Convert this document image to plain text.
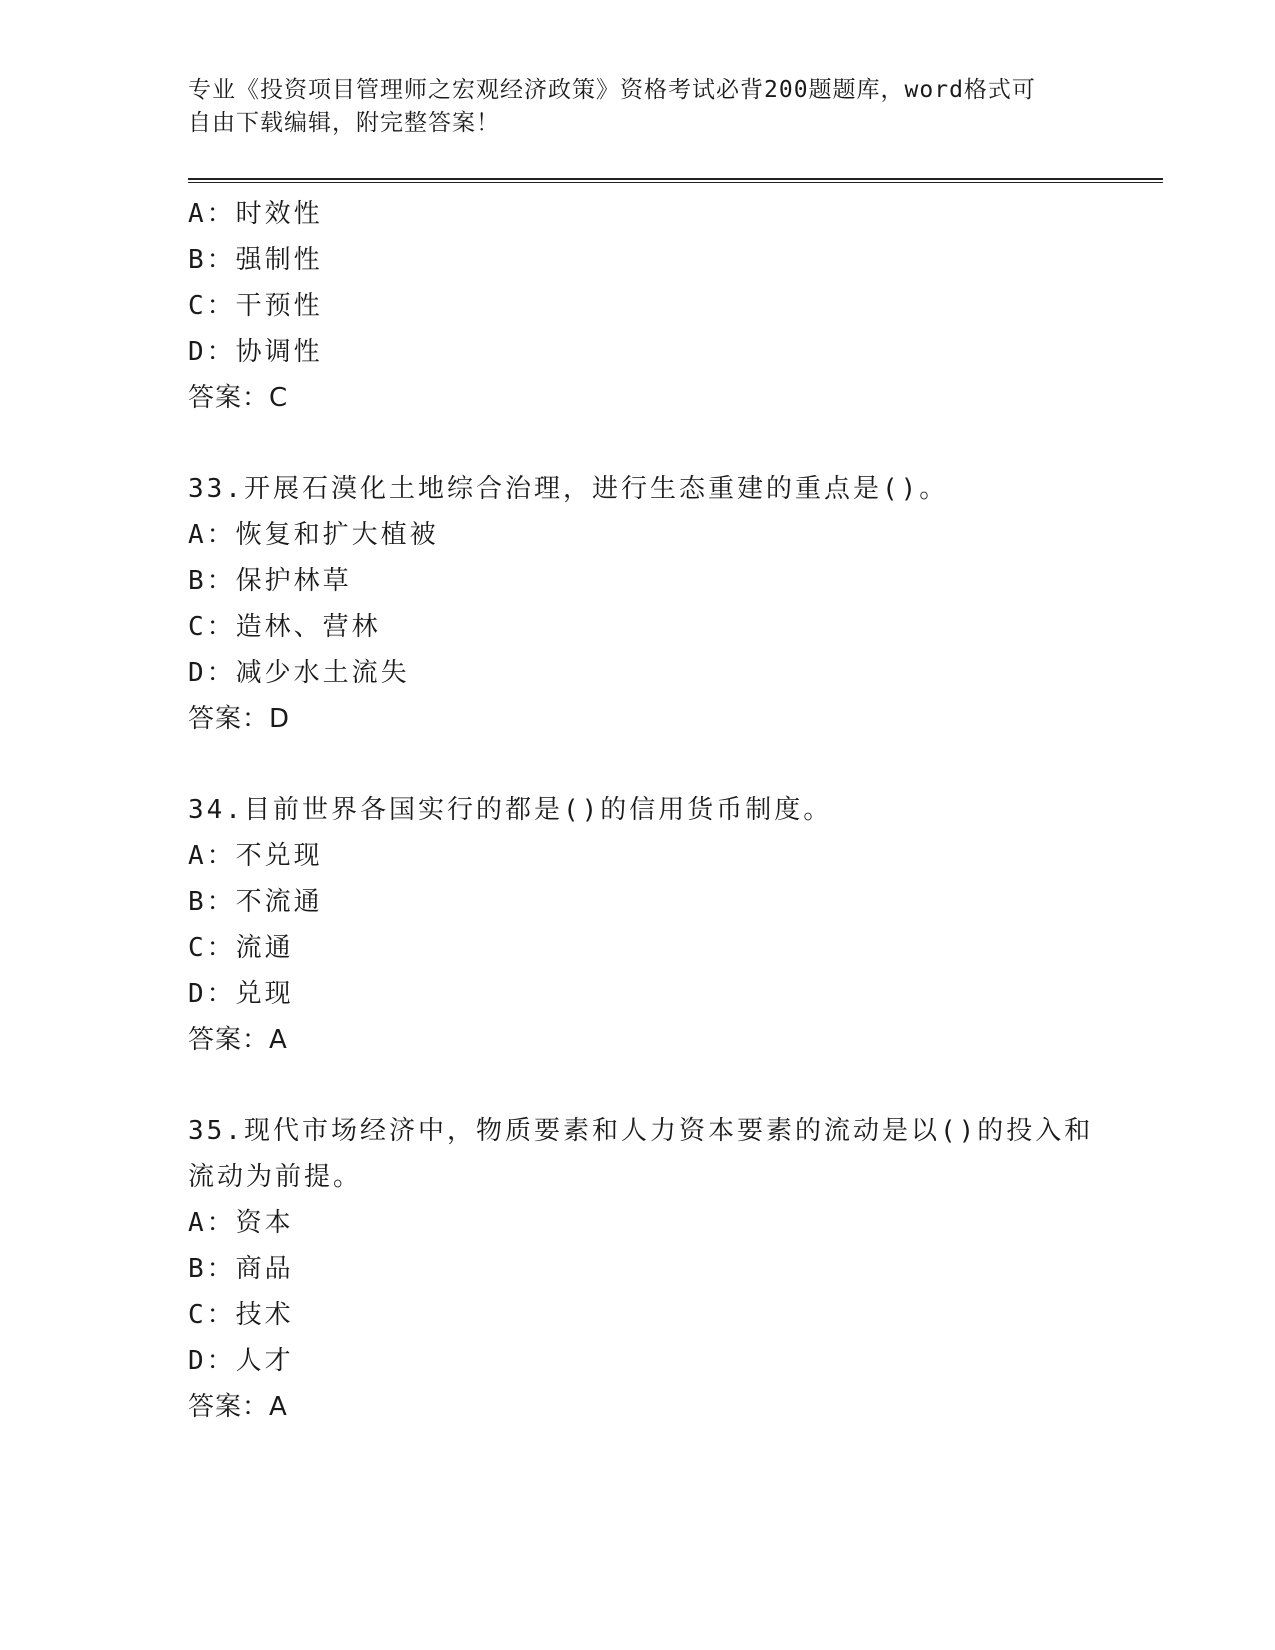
专业《投资项目管理师之宏观经济政策》资格考试必背200题题库，word格式可
自由下载编辑，附完整答案！
A：时效性
B：强制性
C：干预性
D：协调性
答案：C
33.开展石漠化土地综合治理，进行生态重建的重点是()。
A：恢复和扩大植被
B：保护林草
C：造林、营林
D：减少水土流失
答案：D
34.目前世界各国实行的都是()的信用货币制度。
A：不兑现
B：不流通
C：流通
D：兑现
答案：A
35.现代市场经济中，物质要素和人力资本要素的流动是以()的投入和
流动为前提。
A：资本
B：商品
C：技术
D：人才
答案：A
